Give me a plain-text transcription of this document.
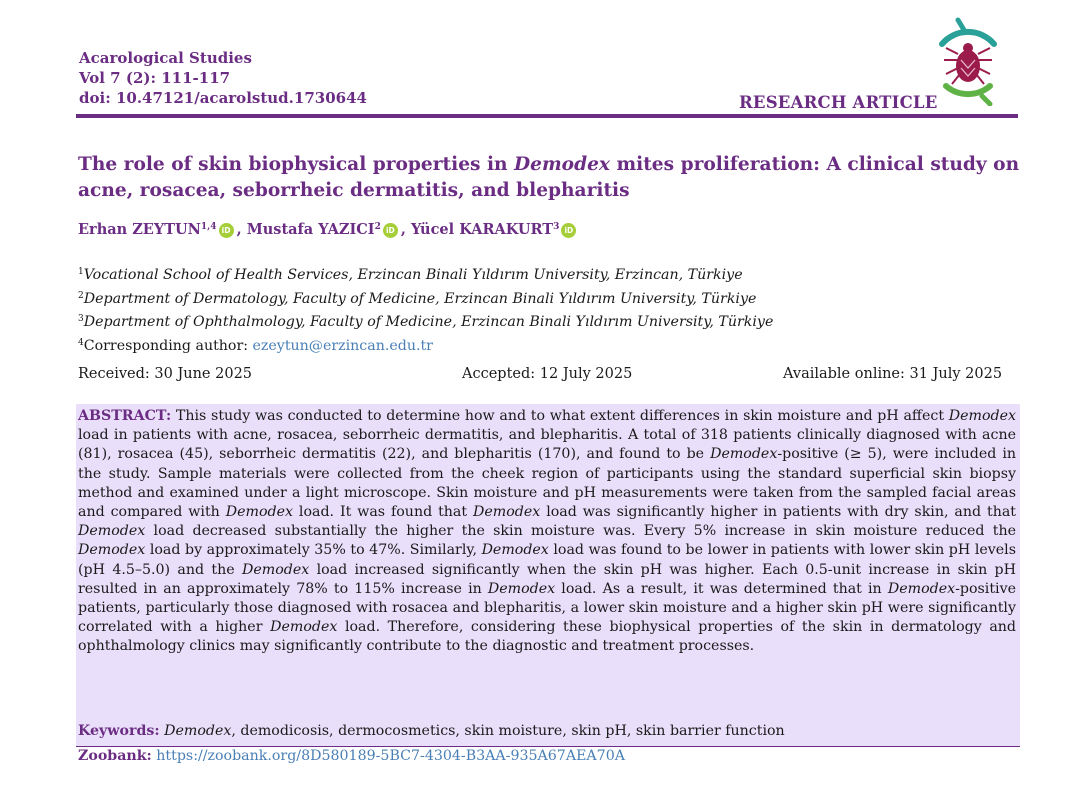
Acarological Studies
Vol 7 (2): 111-117
doi: 10.47121/acarolstud.1730644	RESEARCH ARTICLE
The role of skin biophysical properties in Demodex mites proliferation: A clinical study on acne, rosacea, seborrheic dermatitis, and blepharitis
Erhan ZEYTUN$^{1,4}$ iD , Mustafa YAZICI$^2$ iD , Yücel KARAKURT$^3$ iD
$^1$Vocational School of Health Services, Erzincan Binali Yıldırım University, Erzincan, Türkiye
$^2$Department of Dermatology, Faculty of Medicine, Erzincan Binali Yıldırım University, Türkiye
$^3$Department of Ophthalmology, Faculty of Medicine, Erzincan Binali Yıldırım University, Türkiye
$^4$Corresponding author: ezeytun@erzincan.edu.tr
Received: 30 June 2025	Accepted: 12 July 2025	Available online: 31 July 2025
ABSTRACT: This study was conducted to determine how and to what extent differences in skin moisture and pH affect Demodex load in patients with acne, rosacea, seborrheic dermatitis, and blepharitis. A total of 318 patients clinically diagnosed with acne (81), rosacea (45), seborrheic dermatitis (22), and blepharitis (170), and found to be Demodex-positive (≥ 5), were included in the study. Sample materials were collected from the cheek region of participants using the standard superficial skin biopsy method and examined under a light microscope. Skin moisture and pH measurements were taken from the sampled facial areas and compared with Demodex load. It was found that Demodex load was significantly higher in patients with dry skin, and that Demodex load decreased substantially the higher the skin moisture was. Every 5% increase in skin moisture reduced the Demodex load by approximately 35% to 47%. Similarly, Demodex load was found to be lower in patients with lower skin pH levels (pH 4.5–5.0) and the Demodex load increased significantly when the skin pH was higher. Each 0.5-unit increase in skin pH resulted in an approximately 78% to 115% increase in Demodex load. As a result, it was determined that in Demodex-positive patients, particularly those diagnosed with rosacea and blepharitis, a lower skin moisture and a higher skin pH were significantly correlated with a higher Demodex load. Therefore, considering these biophysical properties of the skin in dermatology and ophthalmology clinics may significantly contribute to the diagnostic and treatment processes.
Keywords: Demodex, demodicosis, dermocosmetics, skin moisture, skin pH, skin barrier function
Zoobank: https://zoobank.org/8D580189-5BC7-4304-B3AA-935A67AEA70A
